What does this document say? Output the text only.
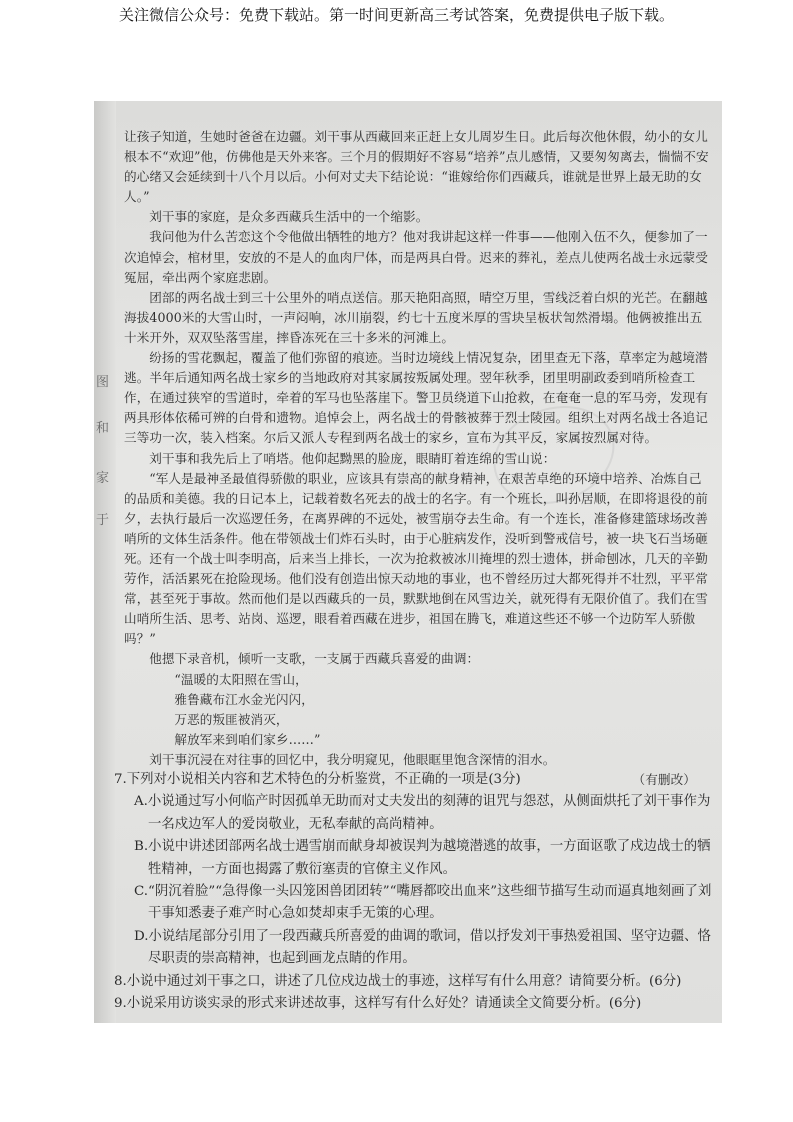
关注微信公众号：免费下载站。第一时间更新高三考试答案，免费提供电子版下载。
图
和
家
于

让孩子知道，生她时爸爸在边疆。刘干事从西藏回来正赶上女儿周岁生日。此后每次他休假，幼小的女儿根本不“欢迎”他，仿佛他是天外来客。三个月的假期好不容易“培养”点儿感情，又要匆匆离去，惴惴不安的心绪又会延续到十八个月以后。小何对丈夫下结论说：“谁嫁给你们西藏兵，谁就是世界上最无助的女人。”

刘干事的家庭，是众多西藏兵生活中的一个缩影。

我问他为什么苦恋这个令他做出牺牲的地方？他对我讲起这样一件事——他刚入伍不久，便参加了一次追悼会，棺材里，安放的不是人的血肉尸体，而是两具白骨。迟来的葬礼，差点儿使两名战士永远蒙受冤屈，牵出两个家庭悲剧。

团部的两名战士到三十公里外的哨点送信。那天艳阳高照，晴空万里，雪线泛着白炽的光芒。在翻越海拔4000米的大雪山时，一声闷响，冰川崩裂，约七十五度米厚的雪块呈板状訇然滑塌。他俩被推出五十米开外，双双坠落雪崖，摔昏冻死在三十多米的河滩上。

纷扬的雪花飘起，覆盖了他们弥留的痕迹。当时边境线上情况复杂，团里查无下落，草率定为越境潜逃。半年后通知两名战士家乡的当地政府对其家属按叛属处理。翌年秋季，团里明副政委到哨所检查工作，在通过狭窄的雪道时，牵着的军马也坠落崖下。警卫员绕道下山抢救，在奄奄一息的军马旁，发现有两具形体依稀可辨的白骨和遗物。追悼会上，两名战士的骨骸被葬于烈士陵园。组织上对两名战士各追记三等功一次，装入档案。尔后又派人专程到两名战士的家乡，宣布为其平反，家属按烈属对待。

刘干事和我先后上了哨塔。他仰起黝黑的脸庞，眼睛盯着连绵的雪山说：

“军人是最神圣最值得骄傲的职业，应该具有崇高的献身精神，在艰苦卓绝的环境中培养、冶炼自己的品质和美德。我的日记本上，记载着数名死去的战士的名字。有一个班长，叫孙居顺，在即将退役的前夕，去执行最后一次巡逻任务，在离界碑的不远处，被雪崩夺去生命。有一个连长，准备修建篮球场改善哨所的文体生活条件。他在带领战士们炸石头时，由于心脏病发作，没听到警戒信号，被一块飞石当场砸死。还有一个战士叫李明高，后来当上排长，一次为抢救被冰川掩埋的烈士遗体，拼命刨冰，几天的辛勤劳作，活活累死在抢险现场。他们没有创造出惊天动地的事业，也不曾经历过大都死得并不壮烈，平平常常，甚至死于事故。然而他们是以西藏兵的一员，默默地倒在风雪边关，就死得有无限价值了。我们在雪山哨所生活、思考、站岗、巡逻，眼看着西藏在进步，祖国在腾飞，难道这些还不够一个边防军人骄傲吗？”

他摁下录音机，倾听一支歌，一支属于西藏兵喜爱的曲调：

“温暖的太阳照在雪山，

雅鲁藏布江水金光闪闪，

万恶的叛匪被消灭，

解放军来到咱们家乡……”

刘干事沉浸在对往事的回忆中，我分明窥见，他眼眶里饱含深情的泪水。

（有删改）

7.下列对小说相关内容和艺术特色的分析鉴赏，不正确的一项是(3分)

A.小说通过写小何临产时因孤单无助而对丈夫发出的刻薄的诅咒与怨怼，从侧面烘托了刘干事作为一名戍边军人的爱岗敬业，无私奉献的高尚精神。

B.小说中讲述团部两名战士遇雪崩而献身却被误判为越境潜逃的故事，一方面讴歌了戍边战士的牺牲精神，一方面也揭露了敷衍塞责的官僚主义作风。

C.“阴沉着脸”“急得像一头囚笼困兽团团转”“嘴唇都咬出血来”这些细节描写生动而逼真地刻画了刘干事知悉妻子难产时心急如焚却束手无策的心理。

D.小说结尾部分引用了一段西藏兵所喜爱的曲调的歌词，借以抒发刘干事热爱祖国、坚守边疆、恪尽职责的崇高精神，也起到画龙点睛的作用。

8.小说中通过刘干事之口，讲述了几位戍边战士的事迹，这样写有什么用意？请简要分析。(6分)

9.小说采用访谈实录的形式来讲述故事，这样写有什么好处？请通读全文简要分析。(6分)
